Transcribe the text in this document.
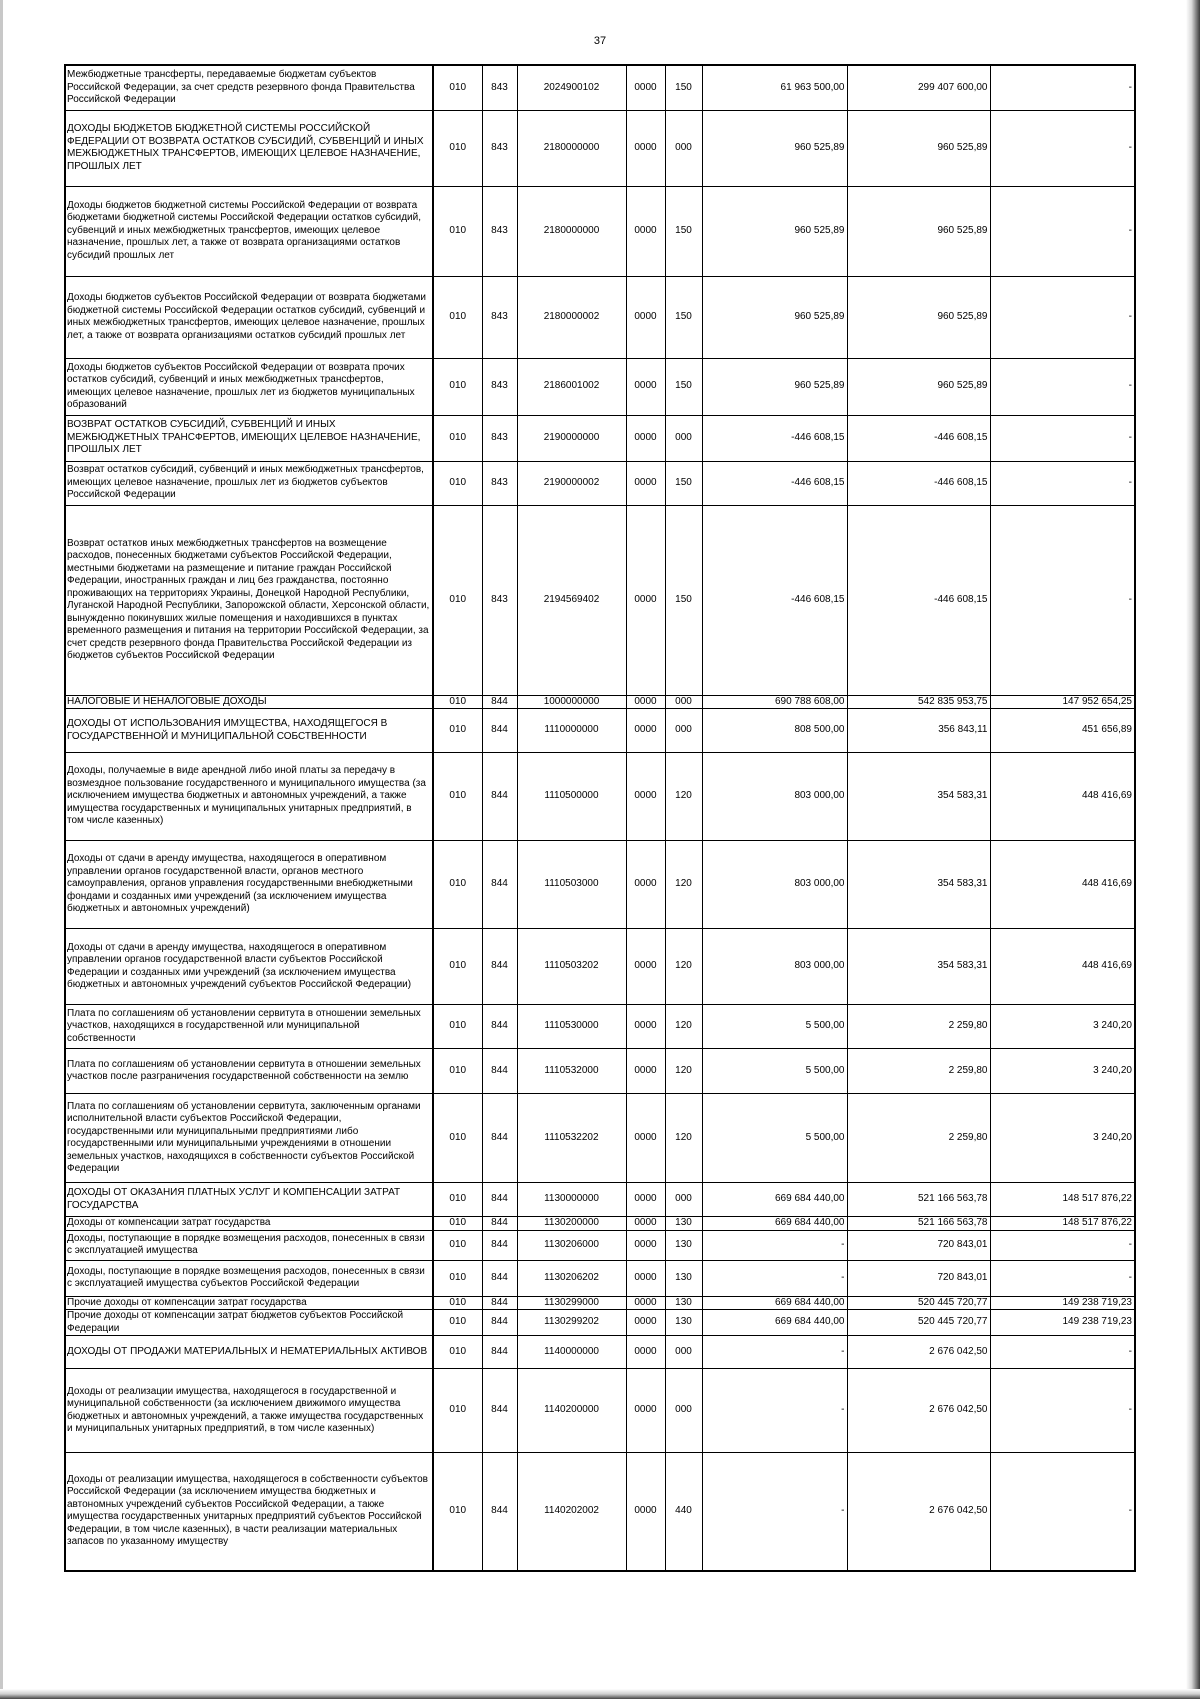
37
Межбюджетные трансферты, передаваемые бюджетам субъектов Российской Федерации, за счет средств резервного фонда Правительства Российской Федерации	010	843	2024900102	0000	150	61 963 500,00	299 407 600,00	-
ДОХОДЫ БЮДЖЕТОВ БЮДЖЕТНОЙ СИСТЕМЫ РОССИЙСКОЙ ФЕДЕРАЦИИ ОТ ВОЗВРАТА ОСТАТКОВ СУБСИДИЙ, СУБВЕНЦИЙ И ИНЫХ МЕЖБЮДЖЕТНЫХ ТРАНСФЕРТОВ, ИМЕЮЩИХ ЦЕЛЕВОЕ НАЗНАЧЕНИЕ, ПРОШЛЫХ ЛЕТ	010	843	2180000000	0000	000	960 525,89	960 525,89	-
Доходы бюджетов бюджетной системы Российской Федерации от возврата бюджетами бюджетной системы Российской Федерации остатков субсидий, субвенций и иных межбюджетных трансфертов, имеющих целевое назначение, прошлых лет, а также от возврата организациями остатков субсидий прошлых лет	010	843	2180000000	0000	150	960 525,89	960 525,89	-
Доходы бюджетов субъектов Российской Федерации от возврата бюджетами бюджетной системы Российской Федерации остатков субсидий, субвенций и иных межбюджетных трансфертов, имеющих целевое назначение, прошлых лет, а также от возврата организациями остатков субсидий прошлых лет	010	843	2180000002	0000	150	960 525,89	960 525,89	-
Доходы бюджетов субъектов Российской Федерации от возврата прочих остатков субсидий, субвенций и иных межбюджетных трансфертов, имеющих целевое назначение, прошлых лет из бюджетов муниципальных образований	010	843	2186001002	0000	150	960 525,89	960 525,89	-
ВОЗВРАТ ОСТАТКОВ СУБСИДИЙ, СУБВЕНЦИЙ И ИНЫХ МЕЖБЮДЖЕТНЫХ ТРАНСФЕРТОВ, ИМЕЮЩИХ ЦЕЛЕВОЕ НАЗНАЧЕНИЕ, ПРОШЛЫХ ЛЕТ	010	843	2190000000	0000	000	-446 608,15	-446 608,15	-
Возврат остатков субсидий, субвенций и иных межбюджетных трансфертов, имеющих целевое назначение, прошлых лет из бюджетов субъектов Российской Федерации	010	843	2190000002	0000	150	-446 608,15	-446 608,15	-
Возврат остатков иных межбюджетных трансфертов на возмещение расходов, понесенных бюджетами субъектов Российской Федерации, местными бюджетами на размещение и питание граждан Российской Федерации, иностранных граждан и лиц без гражданства, постоянно проживающих на территориях Украины, Донецкой Народной Республики, Луганской Народной Республики, Запорожской области, Херсонской области, вынужденно покинувших жилые помещения и находившихся в пунктах временного размещения и питания на территории Российской Федерации, за счет средств резервного фонда Правительства Российской Федерации из бюджетов субъектов Российской Федерации	010	843	2194569402	0000	150	-446 608,15	-446 608,15	-
НАЛОГОВЫЕ И НЕНАЛОГОВЫЕ ДОХОДЫ	010	844	1000000000	0000	000	690 788 608,00	542 835 953,75	147 952 654,25
ДОХОДЫ ОТ ИСПОЛЬЗОВАНИЯ ИМУЩЕСТВА, НАХОДЯЩЕГОСЯ В ГОСУДАРСТВЕННОЙ И МУНИЦИПАЛЬНОЙ СОБСТВЕННОСТИ	010	844	1110000000	0000	000	808 500,00	356 843,11	451 656,89
Доходы, получаемые в виде арендной либо иной платы за передачу в возмездное пользование государственного и муниципального имущества (за исключением имущества бюджетных и автономных учреждений, а также имущества государственных и муниципальных унитарных предприятий, в том числе казенных)	010	844	1110500000	0000	120	803 000,00	354 583,31	448 416,69
Доходы от сдачи в аренду имущества, находящегося в оперативном управлении органов государственной власти, органов местного самоуправления, органов управления государственными внебюджетными фондами и созданных ими учреждений (за исключением имущества бюджетных и автономных учреждений)	010	844	1110503000	0000	120	803 000,00	354 583,31	448 416,69
Доходы от сдачи в аренду имущества, находящегося в оперативном управлении органов государственной власти субъектов Российской Федерации и созданных ими учреждений (за исключением имущества бюджетных и автономных учреждений субъектов Российской Федерации)	010	844	1110503202	0000	120	803 000,00	354 583,31	448 416,69
Плата по соглашениям об установлении сервитута в отношении земельных участков, находящихся в государственной или муниципальной собственности	010	844	1110530000	0000	120	5 500,00	2 259,80	3 240,20
Плата по соглашениям об установлении сервитута в отношении земельных участков после разграничения государственной собственности на землю	010	844	1110532000	0000	120	5 500,00	2 259,80	3 240,20
Плата по соглашениям об установлении сервитута, заключенным органами исполнительной власти субъектов Российской Федерации, государственными или муниципальными предприятиями либо государственными или муниципальными учреждениями в отношении земельных участков, находящихся в собственности субъектов Российской Федерации	010	844	1110532202	0000	120	5 500,00	2 259,80	3 240,20
ДОХОДЫ ОТ ОКАЗАНИЯ ПЛАТНЫХ УСЛУГ И КОМПЕНСАЦИИ ЗАТРАТ ГОСУДАРСТВА	010	844	1130000000	0000	000	669 684 440,00	521 166 563,78	148 517 876,22
Доходы от компенсации затрат государства	010	844	1130200000	0000	130	669 684 440,00	521 166 563,78	148 517 876,22
Доходы, поступающие в порядке возмещения расходов, понесенных в связи с эксплуатацией имущества	010	844	1130206000	0000	130	-	720 843,01	-
Доходы, поступающие в порядке возмещения расходов, понесенных в связи с эксплуатацией имущества субъектов Российской Федерации	010	844	1130206202	0000	130	-	720 843,01	-
Прочие доходы от компенсации затрат государства	010	844	1130299000	0000	130	669 684 440,00	520 445 720,77	149 238 719,23
Прочие доходы от компенсации затрат бюджетов субъектов Российской Федерации	010	844	1130299202	0000	130	669 684 440,00	520 445 720,77	149 238 719,23
ДОХОДЫ ОТ ПРОДАЖИ МАТЕРИАЛЬНЫХ И НЕМАТЕРИАЛЬНЫХ АКТИВОВ	010	844	1140000000	0000	000	-	2 676 042,50	-
Доходы от реализации имущества, находящегося в государственной и муниципальной собственности (за исключением движимого имущества бюджетных и автономных учреждений, а также имущества государственных и муниципальных унитарных предприятий, в том числе казенных)	010	844	1140200000	0000	000	-	2 676 042,50	-
Доходы от реализации имущества, находящегося в собственности субъектов Российской Федерации (за исключением имущества бюджетных и автономных учреждений субъектов Российской Федерации, а также имущества государственных унитарных предприятий субъектов Российской Федерации, в том числе казенных), в части реализации материальных запасов по указанному имуществу	010	844	1140202002	0000	440	-	2 676 042,50	-
